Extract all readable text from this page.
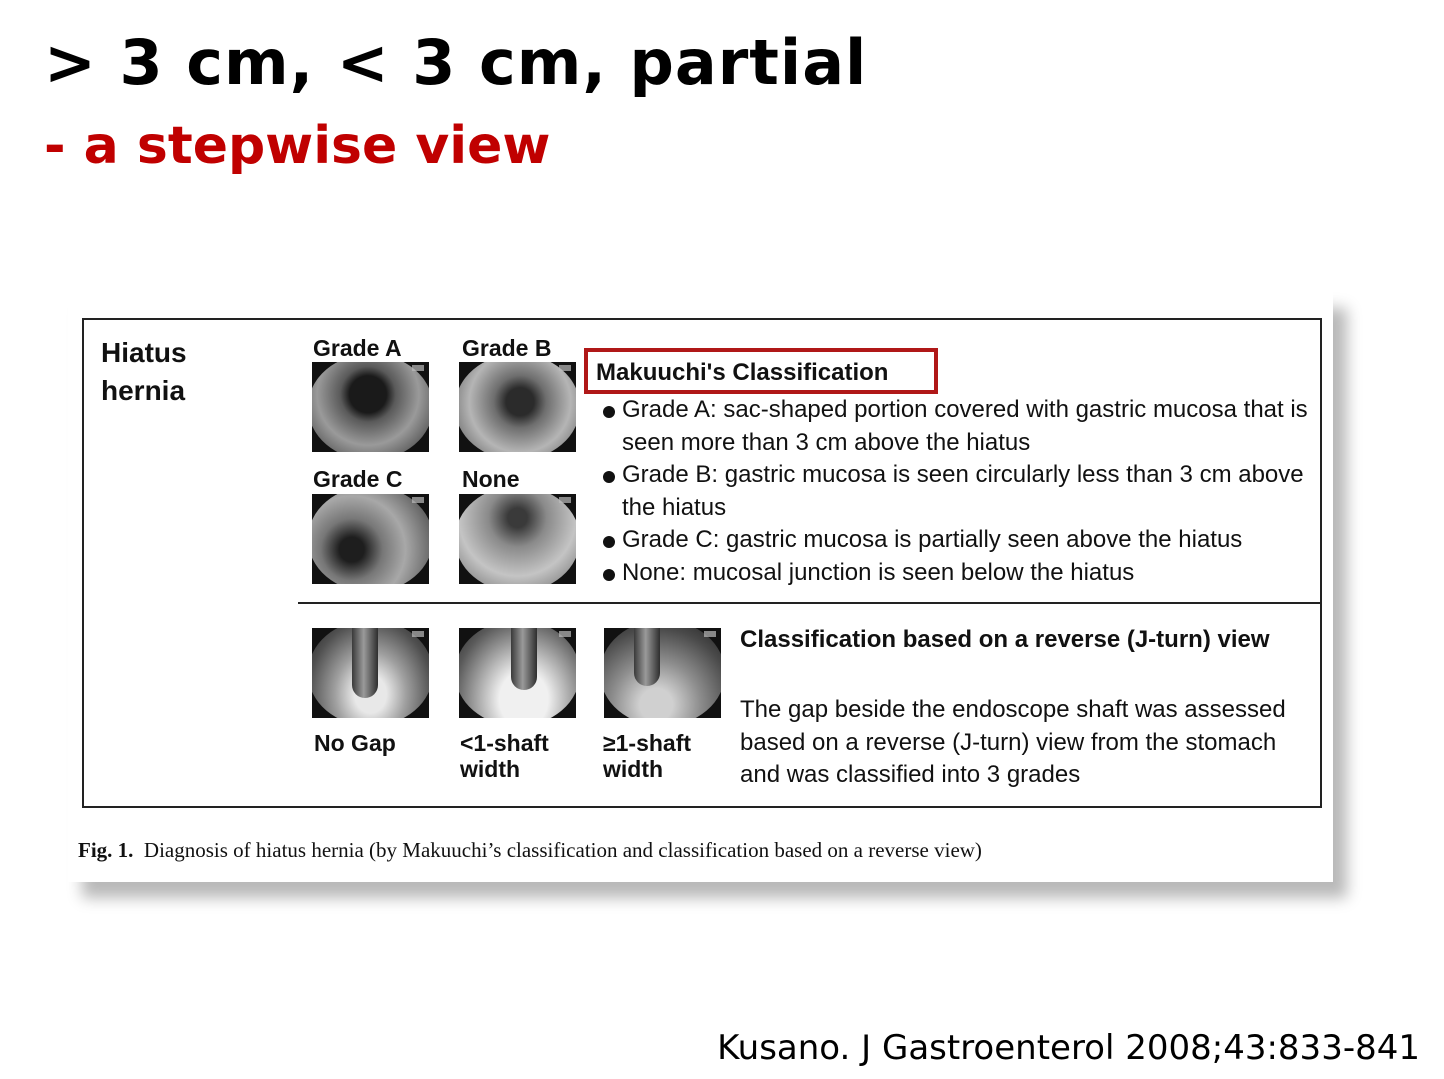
> 3 cm, < 3 cm, partial
- a stepwise view
Hiatus
hernia
Grade A	Grade B
Grade C	None
Makuuchi's Classification
Grade A: sac-shaped portion covered with gastric mucosa that is seen more than 3 cm above the hiatus
Grade B: gastric mucosa is seen circularly less than 3 cm above the hiatus
Grade C: gastric mucosa is partially seen above the hiatus
None: mucosal junction is seen below the hiatus
No Gap	<1-shaft
width
≥1-shaft
width
Classification based on a reverse (J-turn) view
The gap beside the endoscope shaft was assessed based on a reverse (J-turn) view from the stomach and was classified into 3 grades
Fig. 1. Diagnosis of hiatus hernia (by Makuuchi’s classification and classification based on a reverse view)
Kusano. J Gastroenterol 2008;43:833-841
